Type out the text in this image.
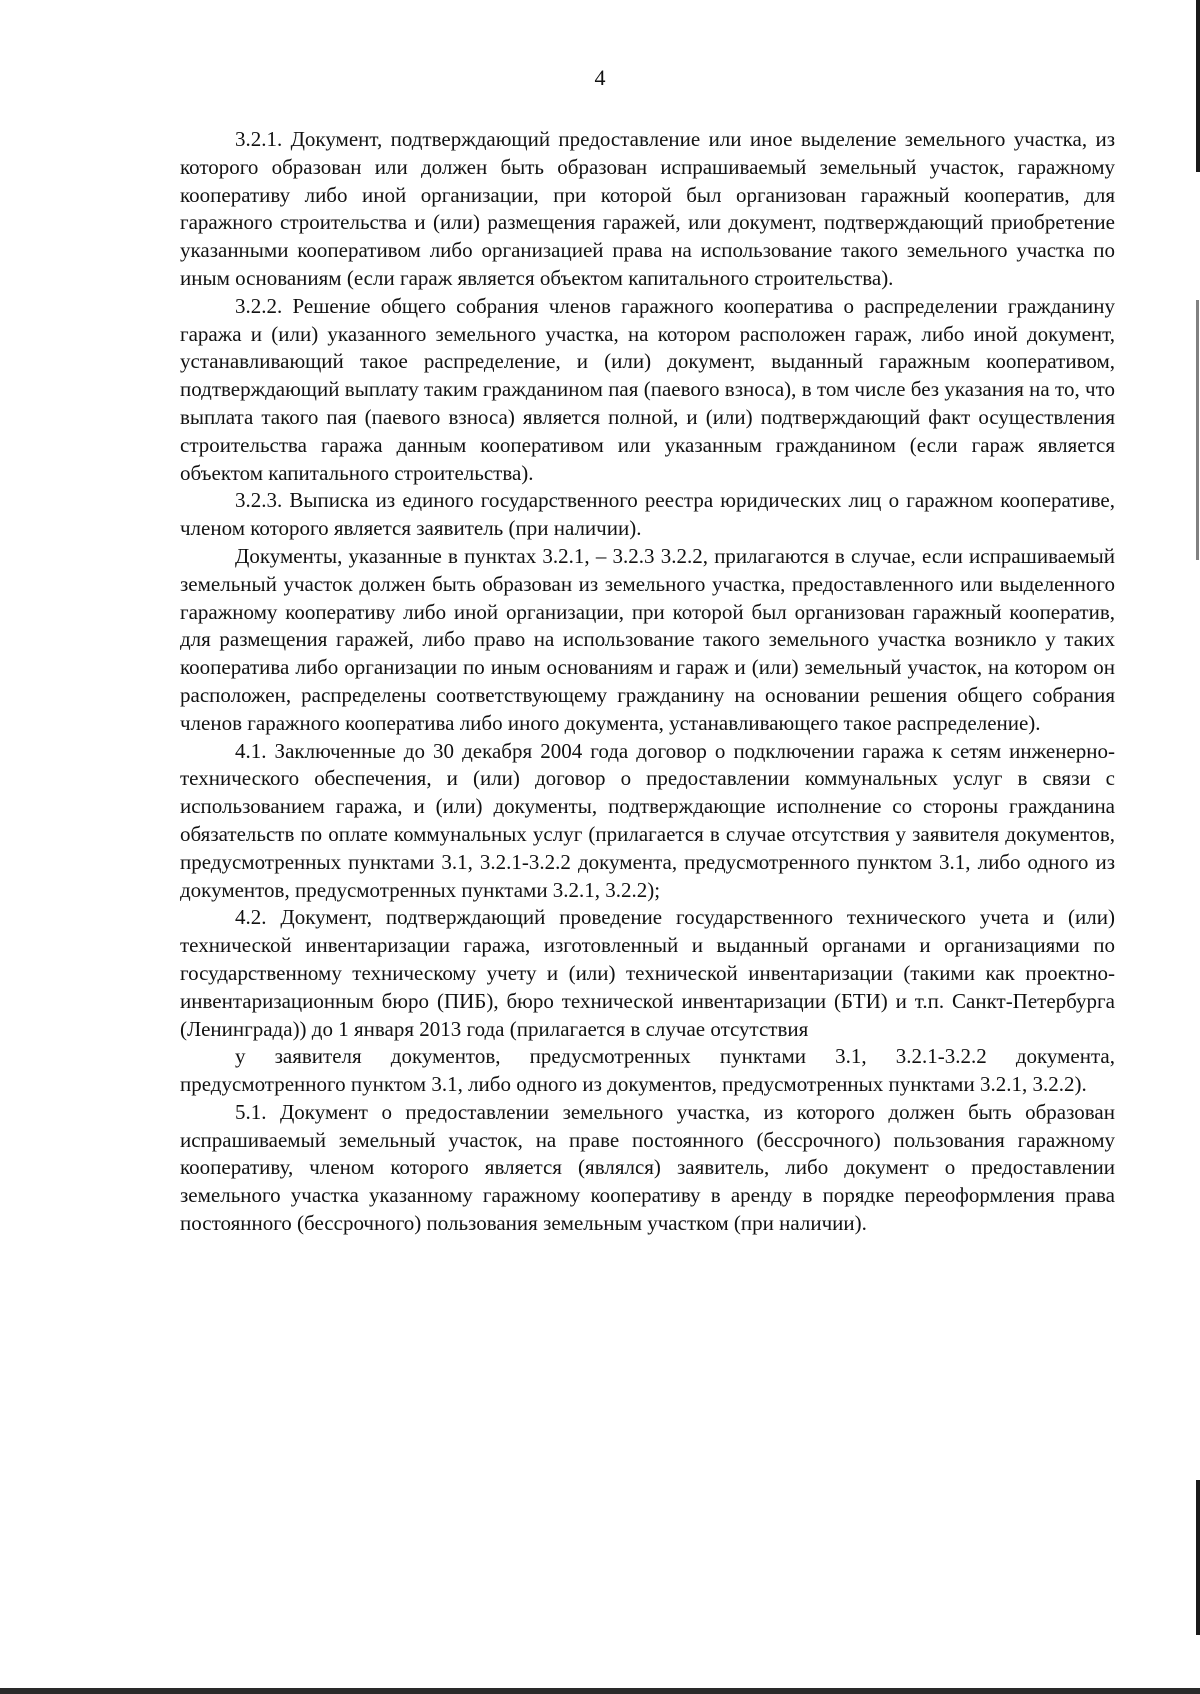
4

3.2.1. Документ, подтверждающий предоставление или иное выделение земельного участка, из которого образован или должен быть образован испрашиваемый земельный участок, гаражному кооперативу либо иной организации, при которой был организован гаражный кооператив, для гаражного строительства и (или) размещения гаражей, или документ, подтверждающий приобретение указанными кооперативом либо организацией права на использование такого земельного участка по иным основаниям (если гараж является объектом капитального строительства).

3.2.2. Решение общего собрания членов гаражного кооператива о распределении гражданину гаража и (или) указанного земельного участка, на котором расположен гараж, либо иной документ, устанавливающий такое распределение, и (или) документ, выданный гаражным кооперативом, подтверждающий выплату таким гражданином пая (паевого взноса), в том числе без указания на то, что выплата такого пая (паевого взноса) является полной, и (или) подтверждающий факт осуществления строительства гаража данным кооперативом или указанным гражданином (если гараж является объектом капитального строительства).

3.2.3. Выписка из единого государственного реестра юридических лиц о гаражном кооперативе, членом которого является заявитель (при наличии).

Документы, указанные в пунктах 3.2.1, – 3.2.3 3.2.2, прилагаются в случае, если испрашиваемый земельный участок должен быть образован из земельного участка, предоставленного или выделенного гаражному кооперативу либо иной организации, при которой был организован гаражный кооператив, для размещения гаражей, либо право на использование такого земельного участка возникло у таких кооператива либо организации по иным основаниям и гараж и (или) земельный участок, на котором он расположен, распределены соответствующему гражданину на основании решения общего собрания членов гаражного кооператива либо иного документа, устанавливающего такое распределение).

4.1. Заключенные до 30 декабря 2004 года договор о подключении гаража к сетям инженерно-технического обеспечения, и (или) договор о предоставлении коммунальных услуг в связи с использованием гаража, и (или) документы, подтверждающие исполнение со стороны гражданина обязательств по оплате коммунальных услуг (прилагается в случае отсутствия у заявителя документов, предусмотренных пунктами 3.1, 3.2.1-3.2.2 документа, предусмотренного пунктом 3.1, либо одного из документов, предусмотренных пунктами 3.2.1, 3.2.2);

4.2. Документ, подтверждающий проведение государственного технического учета и (или) технической инвентаризации гаража, изготовленный и выданный органами и организациями по государственному техническому учету и (или) технической инвентаризации (такими как проектно-инвентаризационным бюро (ПИБ), бюро технической инвентаризации (БТИ) и т.п. Санкт-Петербурга (Ленинграда)) до 1 января 2013 года (прилагается в случае отсутствия

у заявителя документов, предусмотренных пунктами 3.1, 3.2.1-3.2.2 документа, предусмотренного пунктом 3.1, либо одного из документов, предусмотренных пунктами 3.2.1, 3.2.2).

5.1. Документ о предоставлении земельного участка, из которого должен быть образован испрашиваемый земельный участок, на праве постоянного (бессрочного) пользования гаражному кооперативу, членом которого является (являлся) заявитель, либо документ о предоставлении земельного участка указанному гаражному кооперативу в аренду в порядке переоформления права постоянного (бессрочного) пользования земельным участком (при наличии).
